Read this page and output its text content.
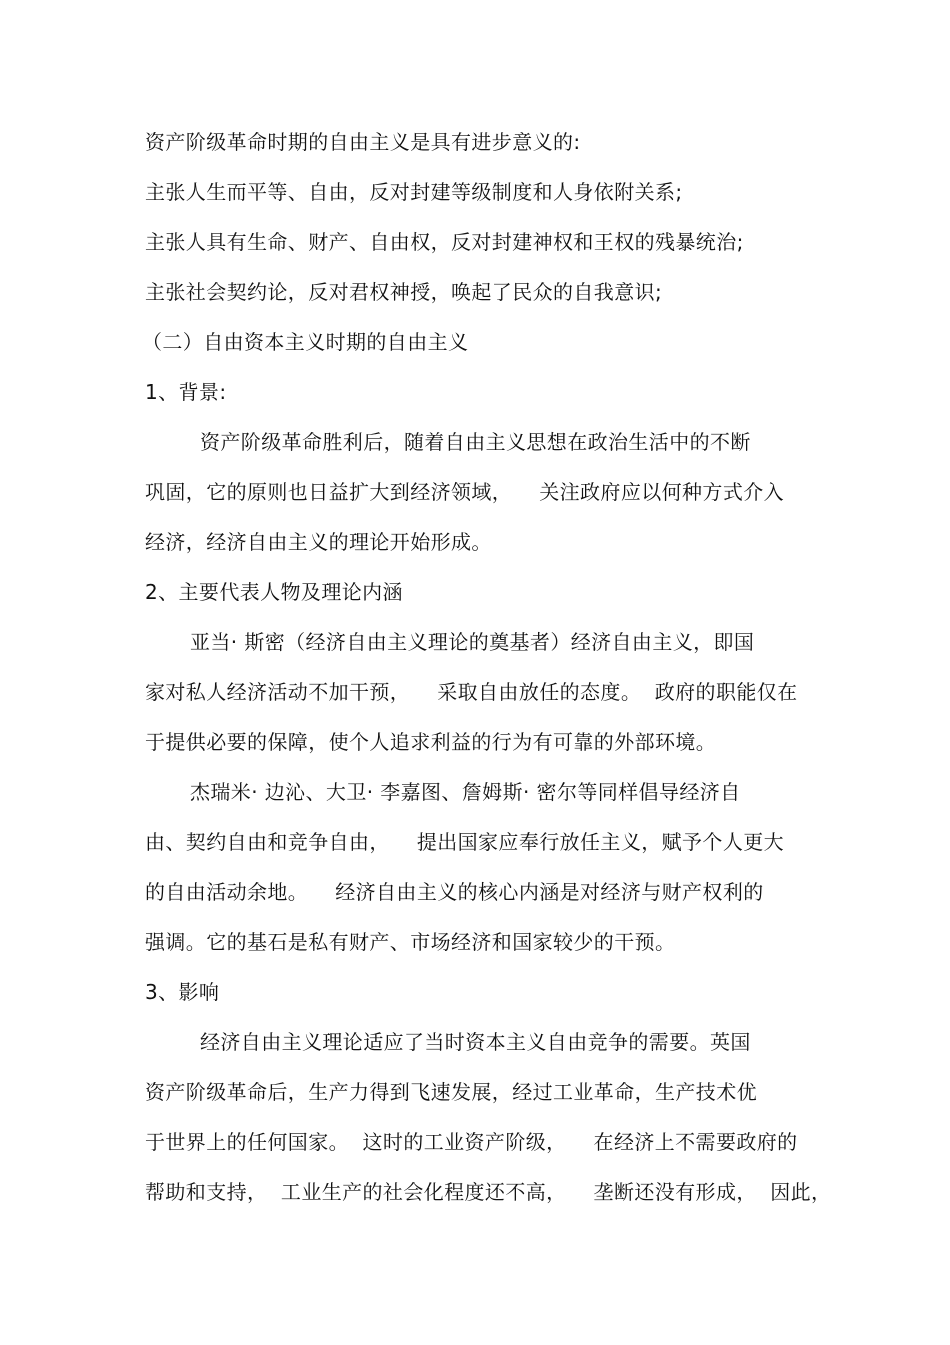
资产阶级革命时期的自由主义是具有进步意义的:
主张人生而平等、自由，反对封建等级制度和人身依附关系;
主张人具有生命、财产、自由权，反对封建神权和王权的残暴统治;
主张社会契约论，反对君权神授，唤起了民众的自我意识;
（二）自由资本主义时期的自由主义
1、背景:
资产阶级革命胜利后，随着自由主义思想在政治生活中的不断
巩固，它的原则也日益扩大到经济领域，    关注政府应以何种方式介入
经济，经济自由主义的理论开始形成。
2、主要代表人物及理论内涵
亚当· 斯密（经济自由主义理论的奠基者）经济自由主义，即国
家对私人经济活动不加干预，    采取自由放任的态度。  政府的职能仅在
于提供必要的保障，使个人追求利益的行为有可靠的外部环境。
杰瑞米· 边沁、大卫· 李嘉图、詹姆斯· 密尔等同样倡导经济自
由、契约自由和竞争自由，    提出国家应奉行放任主义，赋予个人更大
的自由活动余地。    经济自由主义的核心内涵是对经济与财产权利的
强调。它的基石是私有财产、市场经济和国家较少的干预。
3、影响
经济自由主义理论适应了当时资本主义自由竞争的需要。英国
资产阶级革命后，生产力得到飞速发展，经过工业革命，生产技术优
于世界上的任何国家。  这时的工业资产阶级，    在经济上不需要政府的
帮助和支持，  工业生产的社会化程度还不高，    垄断还没有形成，  因此，
